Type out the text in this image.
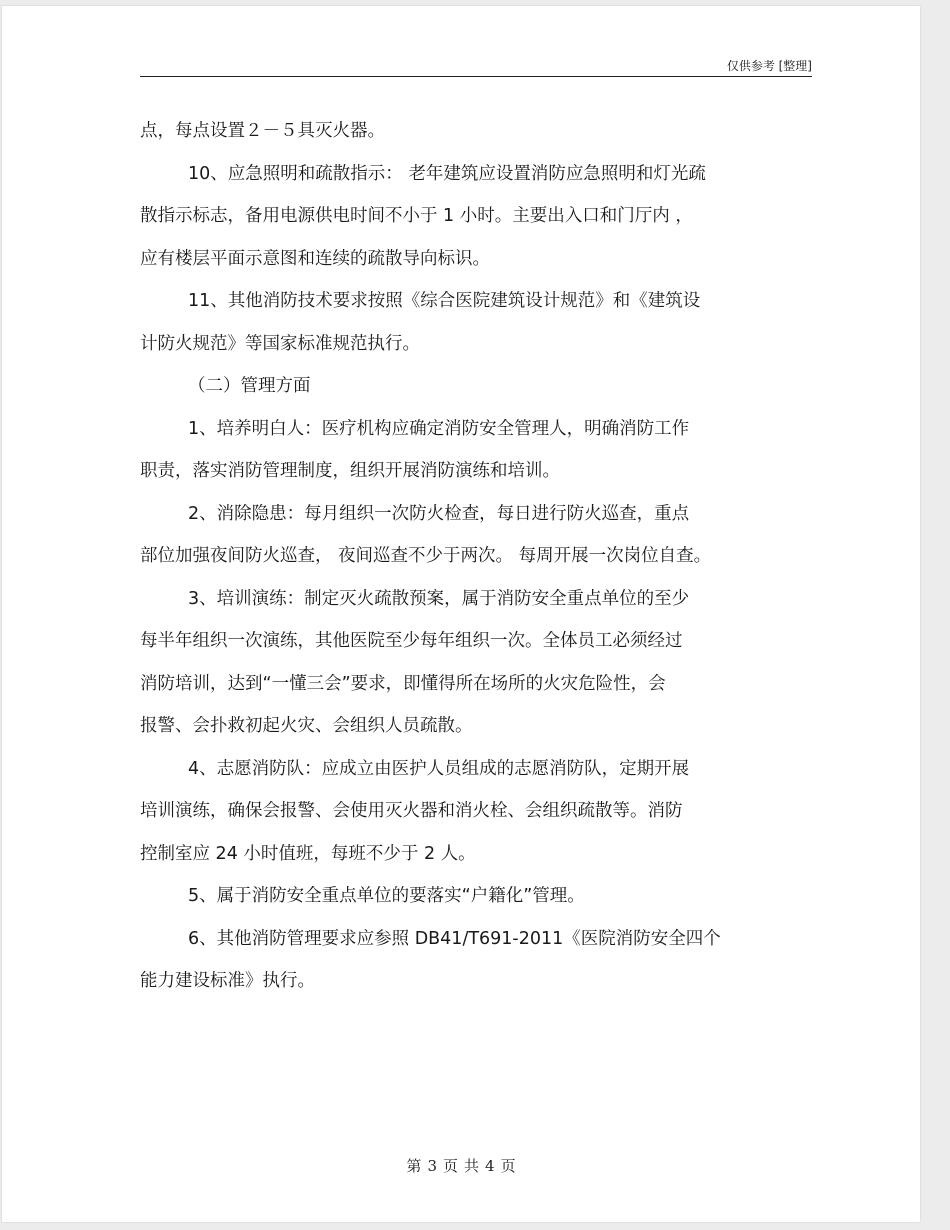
仅供参考 [整理]
点，每点设置２－５具灭火器。
10、应急照明和疏散指示： 老年建筑应设置消防应急照明和灯光疏
散指示标志，备用电源供电时间不小于 1 小时。主要出入口和门厅内 ，
应有楼层平面示意图和连续的疏散导向标识。
11、其他消防技术要求按照《综合医院建筑设计规范》和《建筑设
计防火规范》等国家标准规范执行。
（二）管理方面
1、培养明白人：医疗机构应确定消防安全管理人，明确消防工作
职责，落实消防管理制度，组织开展消防演练和培训。
2、消除隐患：每月组织一次防火检查，每日进行防火巡查，重点
部位加强夜间防火巡查， 夜间巡查不少于两次。 每周开展一次岗位自查。
3、培训演练：制定灭火疏散预案，属于消防安全重点单位的至少
每半年组织一次演练，其他医院至少每年组织一次。全体员工必须经过
消防培训，达到“一懂三会”要求，即懂得所在场所的火灾危险性，会
报警、会扑救初起火灾、会组织人员疏散。
4、志愿消防队：应成立由医护人员组成的志愿消防队，定期开展
培训演练，确保会报警、会使用灭火器和消火栓、会组织疏散等。消防
控制室应 24 小时值班，每班不少于 2 人。
5、属于消防安全重点单位的要落实“户籍化”管理。
6、其他消防管理要求应参照 DB41/T691-2011《医院消防安全四个
能力建设标准》执行。
第 3 页 共 4 页
